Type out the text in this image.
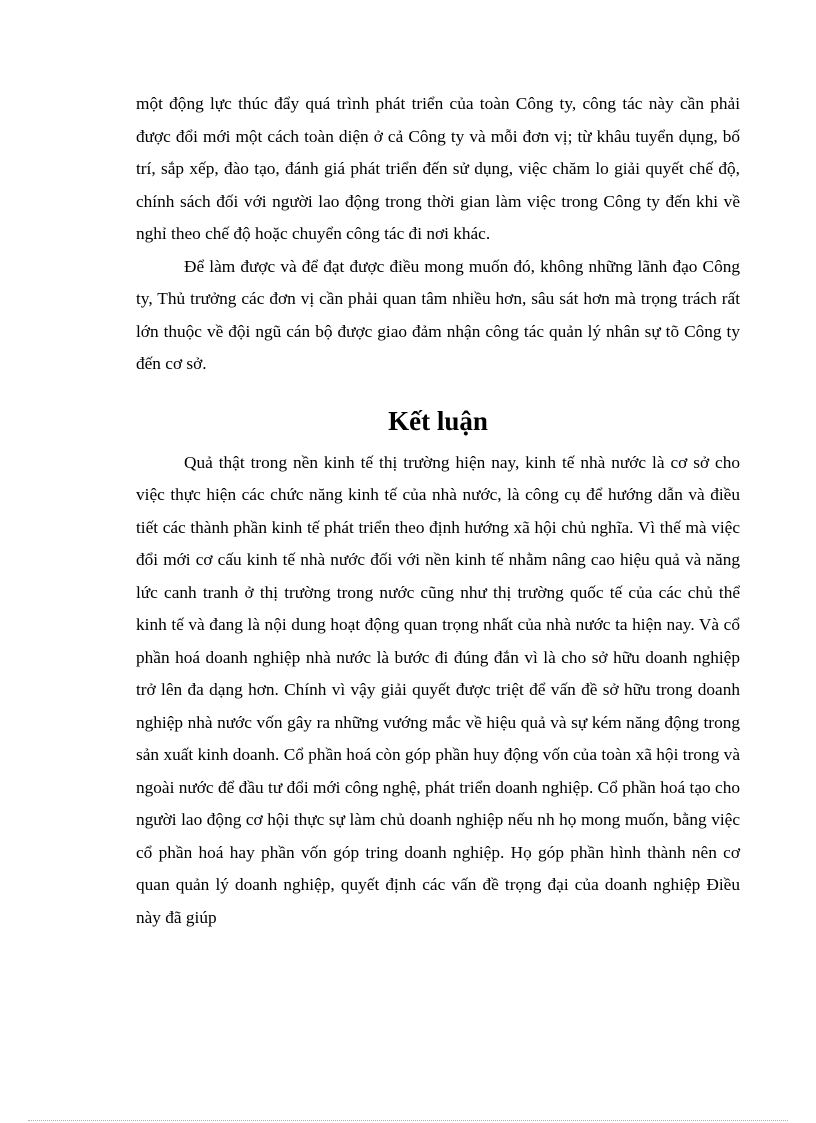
một động lực thúc đẩy quá trình phát triển của toàn Công ty, công tác này cần phải được đổi mới một cách toàn diện ở cả Công ty và mỗi đơn vị; từ khâu tuyển dụng, bố trí, sắp xếp, đào tạo, đánh giá phát triển đến sử dụng, việc chăm lo giải quyết chế độ, chính sách đối với người lao động trong thời gian làm việc trong Công ty đến khi về nghỉ theo chế độ hoặc chuyển công tác đi nơi khác.

Để làm được và để đạt được điều mong muốn đó, không những lãnh đạo Công ty, Thủ trưởng các đơn vị cần phải quan tâm nhiều hơn, sâu sát hơn mà trọng trách rất lớn thuộc về đội ngũ cán bộ được giao đảm nhận công tác quản lý nhân sự tõ Công ty đến cơ sở.

Kết luận

Quả thật trong nền kinh tế thị trường hiện nay, kinh tế nhà nước là cơ sở cho việc thực hiện các chức năng kinh tế của nhà nước, là công cụ để hướng dẫn và điều tiết các thành phần kinh tế phát triển theo định hướng xã hội chủ nghĩa. Vì thế mà việc đổi mới cơ cấu kinh tế nhà nước đối với nền kinh tế nhằm nâng cao hiệu quả và năng lức canh tranh ở thị trường trong nước cũng như thị trường quốc tế của các chủ thể kinh tế và đang là nội dung hoạt động quan trọng nhất của nhà nước ta hiện nay. Và cổ phần hoá doanh nghiệp nhà nước là bước đi đúng đắn vì là cho sở hữu doanh nghiệp trở lên đa dạng hơn. Chính vì vậy giải quyết được triệt để vấn đề sở hữu trong doanh nghiệp nhà nước vốn gây ra những vướng mắc về hiệu quả và sự kém năng động trong sản xuất kinh doanh. Cổ phần hoá còn góp phần huy động vốn của toàn xã hội trong và ngoài nước để đầu tư đổi mới công nghệ, phát triển doanh nghiệp. Cổ phần hoá tạo cho người lao động cơ hội thực sự làm chủ doanh nghiệp nếu nh họ mong muốn, bằng việc cổ phần hoá hay phần vốn góp tring doanh nghiệp. Họ góp phần hình thành nên cơ quan quản lý doanh nghiệp, quyết định các vấn đề trọng đại của doanh nghiệp Điều này đã giúp
